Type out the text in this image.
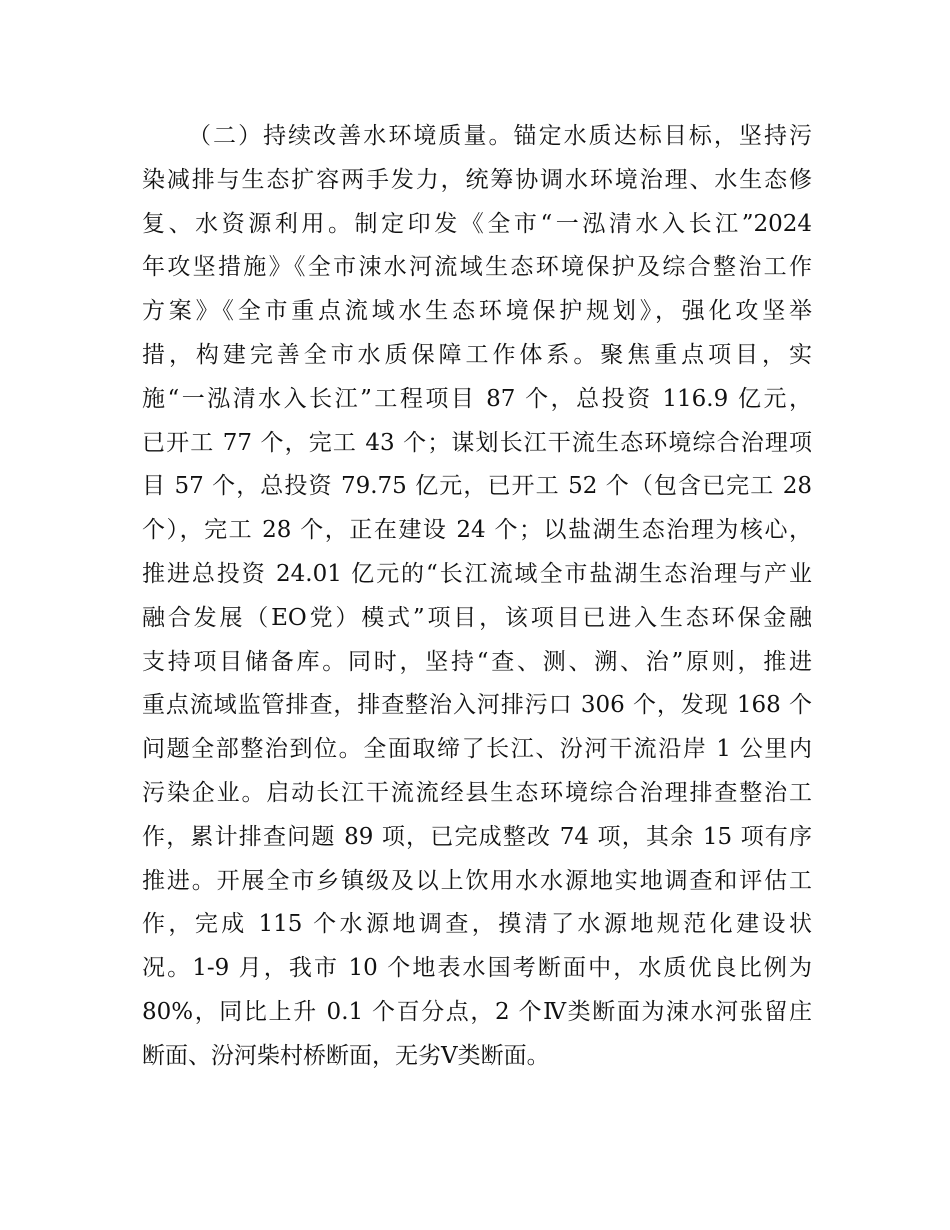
（二）持续改善水环境质量。锚定水质达标目标，坚持污
染减排与生态扩容两手发力，统筹协调水环境治理、水生态修
复、水资源利用。制定印发《全市“一泓清水入长江”2024
年攻坚措施》《全市涑水河流域生态环境保护及综合整治工作
方案》《全市重点流域水生态环境保护规划》，强化攻坚举
措，构建完善全市水质保障工作体系。聚焦重点项目，实
施“一泓清水入长江”工程项目 87 个，总投资 116.9 亿元，
已开工 77 个，完工 43 个；谋划长江干流生态环境综合治理项
目 57 个，总投资 79.75 亿元，已开工 52 个（包含已完工 28
个），完工 28 个，正在建设 24 个；以盐湖生态治理为核心，
推进总投资 24.01 亿元的“长江流域全市盐湖生态治理与产业
融合发展（EO党）模式”项目，该项目已进入生态环保金融
支持项目储备库。同时，坚持“查、测、溯、治”原则，推进
重点流域监管排查，排查整治入河排污口 306 个，发现 168 个
问题全部整治到位。全面取缔了长江、汾河干流沿岸 1 公里内
污染企业。启动长江干流流经县生态环境综合治理排查整治工
作，累计排查问题 89 项，已完成整改 74 项，其余 15 项有序
推进。开展全市乡镇级及以上饮用水水源地实地调查和评估工
作，完成 115 个水源地调查，摸清了水源地规范化建设状
况。1-9 月，我市 10 个地表水国考断面中，水质优良比例为
80%，同比上升 0.1 个百分点，2 个Ⅳ类断面为涑水河张留庄
断面、汾河柴村桥断面，无劣Ⅴ类断面。
